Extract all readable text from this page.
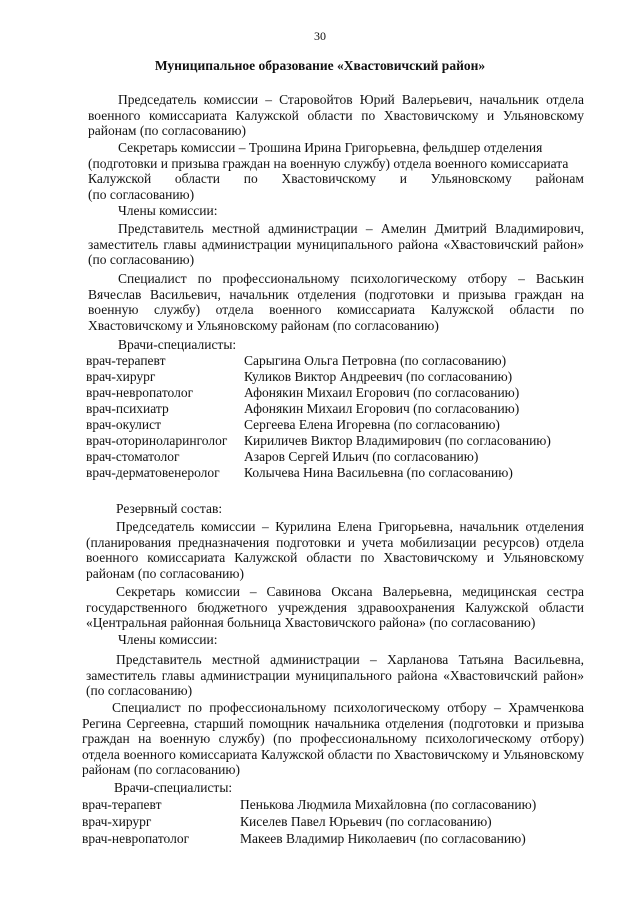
30
Муниципальное образование «Хвастовичский район»

Председатель комиссии – Старовойтов Юрий Валерьевич, начальник отдела военного комиссариата Калужской области по Хвастовичскому и Ульяновскому районам (по согласованию)

Секретарь комиссии – Трошина Ирина Григорьевна, фельдшер отделения
(подготовки и призыва граждан на военную службу) отдела военного комиссариата
Калужской области по Хвастовичскому и Ульяновскому районам
(по согласованию)
Члены комиссии:

Представитель местной администрации – Амелин Дмитрий Владимирович, заместитель главы администрации муниципального района «Хвастовичский район» (по согласованию)

Специалист по профессиональному психологическому отбору – Васькин Вячеслав Васильевич, начальник отделения (подготовки и призыва граждан на военную службу) отдела военного комиссариата Калужской области по Хвастовичскому и Ульяновскому районам (по согласованию)

Врачи-специалисты:
врач-терапевт	Сарыгина Ольга Петровна (по согласованию)
врач-хирург	Куликов Виктор Андреевич (по согласованию)
врач-невропатолог	Афонякин Михаил Егорович (по согласованию)
врач-психиатр	Афонякин Михаил Егорович (по согласованию)
врач-окулист	Сергеева Елена Игоревна (по согласованию)
врач-оториноларинголог Кириличев Виктор Владимирович (по согласованию)
врач-стоматолог	Азаров Сергей Ильич (по согласованию)
врач-дерматовенеролог Колычева Нина Васильевна (по согласованию)
Резервный состав:

Председатель комиссии – Курилина Елена Григорьевна, начальник отделения (планирования предназначения подготовки и учета мобилизации ресурсов) отдела военного комиссариата Калужской области по Хвастовичскому и Ульяновскому районам (по согласованию)

Секретарь комиссии – Савинова Оксана Валерьевна, медицинская сестра государственного бюджетного учреждения здравоохранения Калужской области «Центральная районная больница Хвастовичского района» (по согласованию)

Члены комиссии:

Представитель местной администрации – Харланова Татьяна Васильевна, заместитель главы администрации муниципального района «Хвастовичский район» (по согласованию)

Специалист по профессиональному психологическому отбору – Храмченкова Регина Сергеевна, старший помощник начальника отделения (подготовки и призыва граждан на военную службу) (по профессиональному психологическому отбору) отдела военного комиссариата Калужской области по Хвастовичскому и Ульяновскому районам (по согласованию)

Врачи-специалисты:
врач-терапевт	Пенькова Людмила Михайловна (по согласованию)
врач-хирург	Киселев Павел Юрьевич (по согласованию)
врач-невропатолог	Макеев Владимир Николаевич (по согласованию)
